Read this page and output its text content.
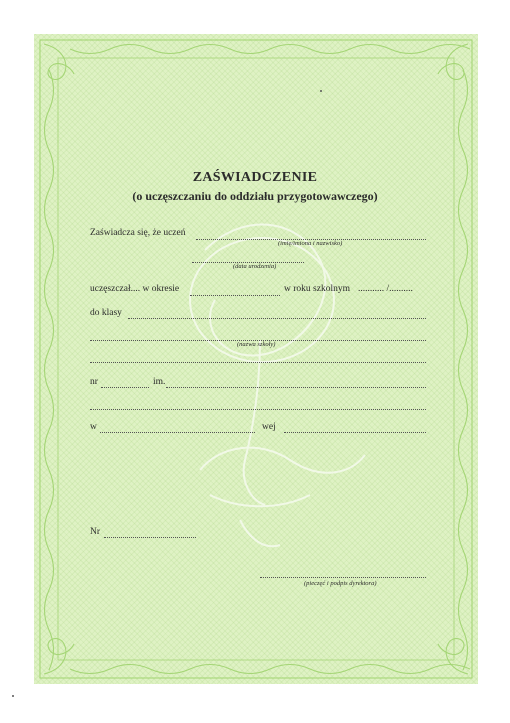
ZAŚWIADCZENIE
(o uczęszczaniu do oddziału przygotowawczego)
Zaświadcza się, że uczeń
(imię/imiona i nazwisko)
(data urodzenia)
uczęszczał.... w okresie	w roku szkolnym ........... /..........
do klasy
(nazwa szkoły)
nr	im.
w	wej
Nr
(pieczęć i podpis dyrektora)
